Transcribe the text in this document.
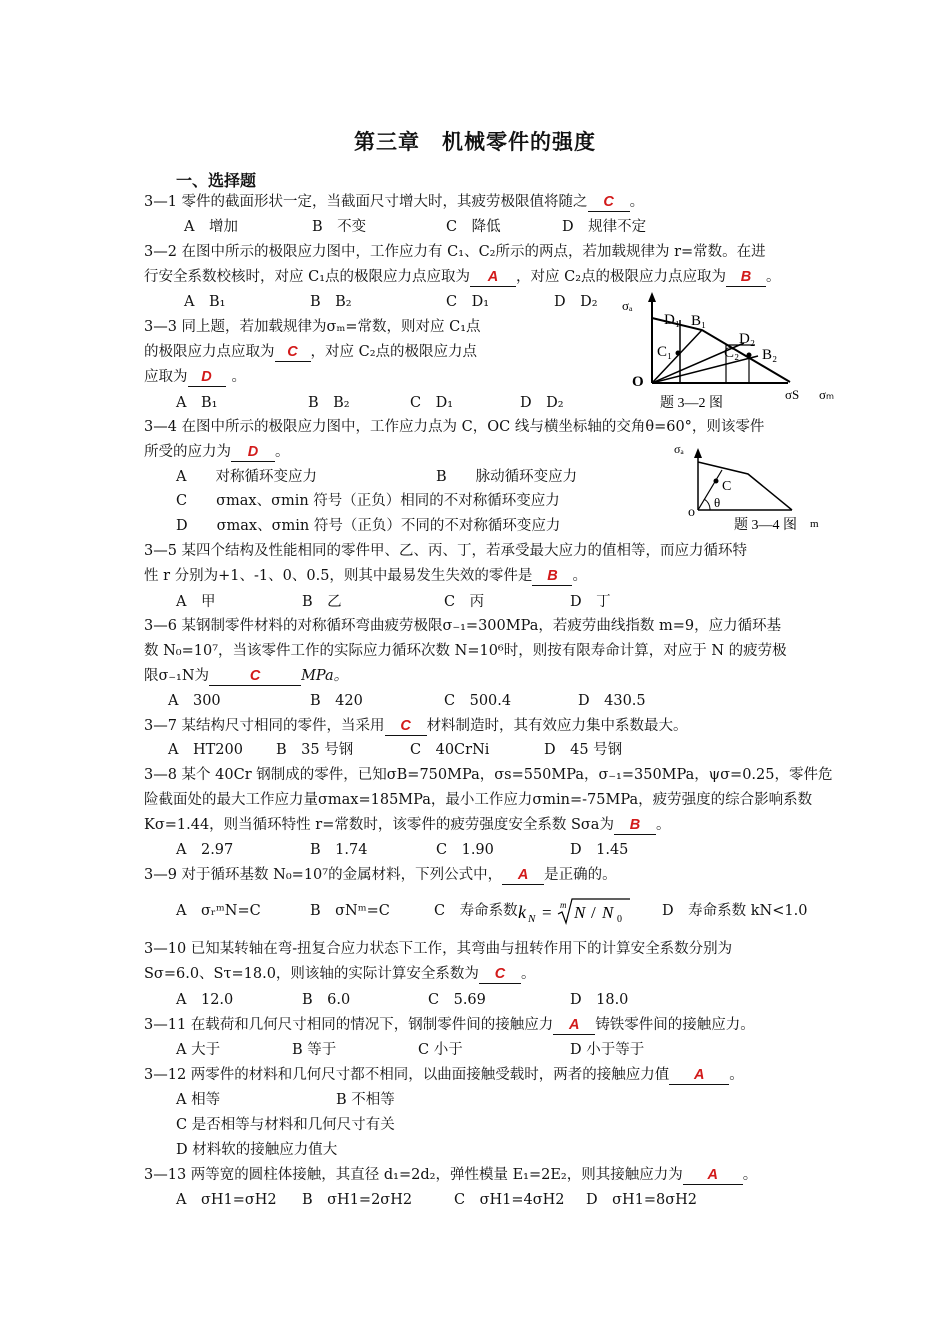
第三章　机械零件的强度
一、选择题
3—1 零件的截面形状一定，当截面尺寸增大时，其疲劳极限值将随之 C 。
A　增加	B　不变	C　降低	D　规律不定
3—2 在图中所示的极限应力图中，工作应力有 C₁、C₂所示的两点，若加载规律为 r=常数。在进
行安全系数校核时，对应 C₁点的极限应力点应取为 A ，对应 C₂点的极限应力点应取为 B 。
A　B₁	B　B₂	C　D₁	D　D₂
3—3 同上题，若加载规律为σₘ=常数，则对应 C₁点
的极限应力点应取为 C ，对应 C₂点的极限应力点
应取为 D 。
A　B₁	B　B₂	C　D₁	D　D₂
σₐ
D₁ B₁
D₂
C₁	C₂ B₂
O
σS σₘ
题 3—2 图
3—4 在图中所示的极限应力图中，工作应力点为 C，OC 线与横坐标轴的交角θ=60°，则该零件
所受的应力为 D 。
A　　对称循环变应力	B　　脉动循环变应力
C　　σmax、σmin 符号（正负）相同的不对称循环变应力
D　　σmax、σmin 符号（正负）不同的不对称循环变应力
σₐ
C
θ
o
题 3—4 图 m
3—5 某四个结构及性能相同的零件甲、乙、丙、丁，若承受最大应力的值相等，而应力循环特
性 r 分别为+1、-1、0、0.5，则其中最易发生失效的零件是 B 。
A　甲	B　乙	C　丙	D　丁
3—6 某钢制零件材料的对称循环弯曲疲劳极限σ₋₁=300MPa，若疲劳曲线指数 m=9，应力循环基
数 N₀=10⁷，当该零件工作的实际应力循环次数 N=10⁶时，则按有限寿命计算，对应于 N 的疲劳极
限σ₋₁N为	C	MPa。
A　300	B　420	C　500.4	D　430.5
3—7 某结构尺寸相同的零件，当采用 C 材料制造时，其有效应力集中系数最大。
A　HT200 B　35 号钢	C　40CrNi	D　45 号钢
3—8 某个 40Cr 钢制成的零件，已知σB=750MPa，σs=550MPa，σ₋₁=350MPa，ψσ=0.25，零件危
险截面处的最大工作应力量σmax=185MPa，最小工作应力σmin=-75MPa，疲劳强度的综合影响系数
Kσ=1.44，则当循环特性 r=常数时，该零件的疲劳强度安全系数 Sσa为 B 。
A　2.97	B　1.74	C　1.90	D　1.45
3—9 对于循环基数 N₀=10⁷的金属材料，下列公式中， A 是正确的。
A　σᵣᵐN=C	B　σNᵐ=C	C　寿命系数 k N = m N / N 0
D　寿命系数 kN<1.0
3—10 已知某转轴在弯-扭复合应力状态下工作，其弯曲与扭转作用下的计算安全系数分别为
Sσ=6.0、Sτ=18.0，则该轴的实际计算安全系数为 C 。
A　12.0	B　6.0	C　5.69	D　18.0
3—11 在载荷和几何尺寸相同的情况下，钢制零件间的接触应力 A 铸铁零件间的接触应力。
A 大于	B 等于	C 小于	D 小于等于
3—12 两零件的材料和几何尺寸都不相同，以曲面接触受载时，两者的接触应力值 A 。
A 相等	B 不相等
C 是否相等与材料和几何尺寸有关
D 材料软的接触应力值大
3—13 两等宽的圆柱体接触，其直径 d₁=2d₂，弹性模量 E₁=2E₂，则其接触应力为 A 。
A　σH1=σH2 B　σH1=2σH2	C　σH1=4σH2 D　σH1=8σH2
